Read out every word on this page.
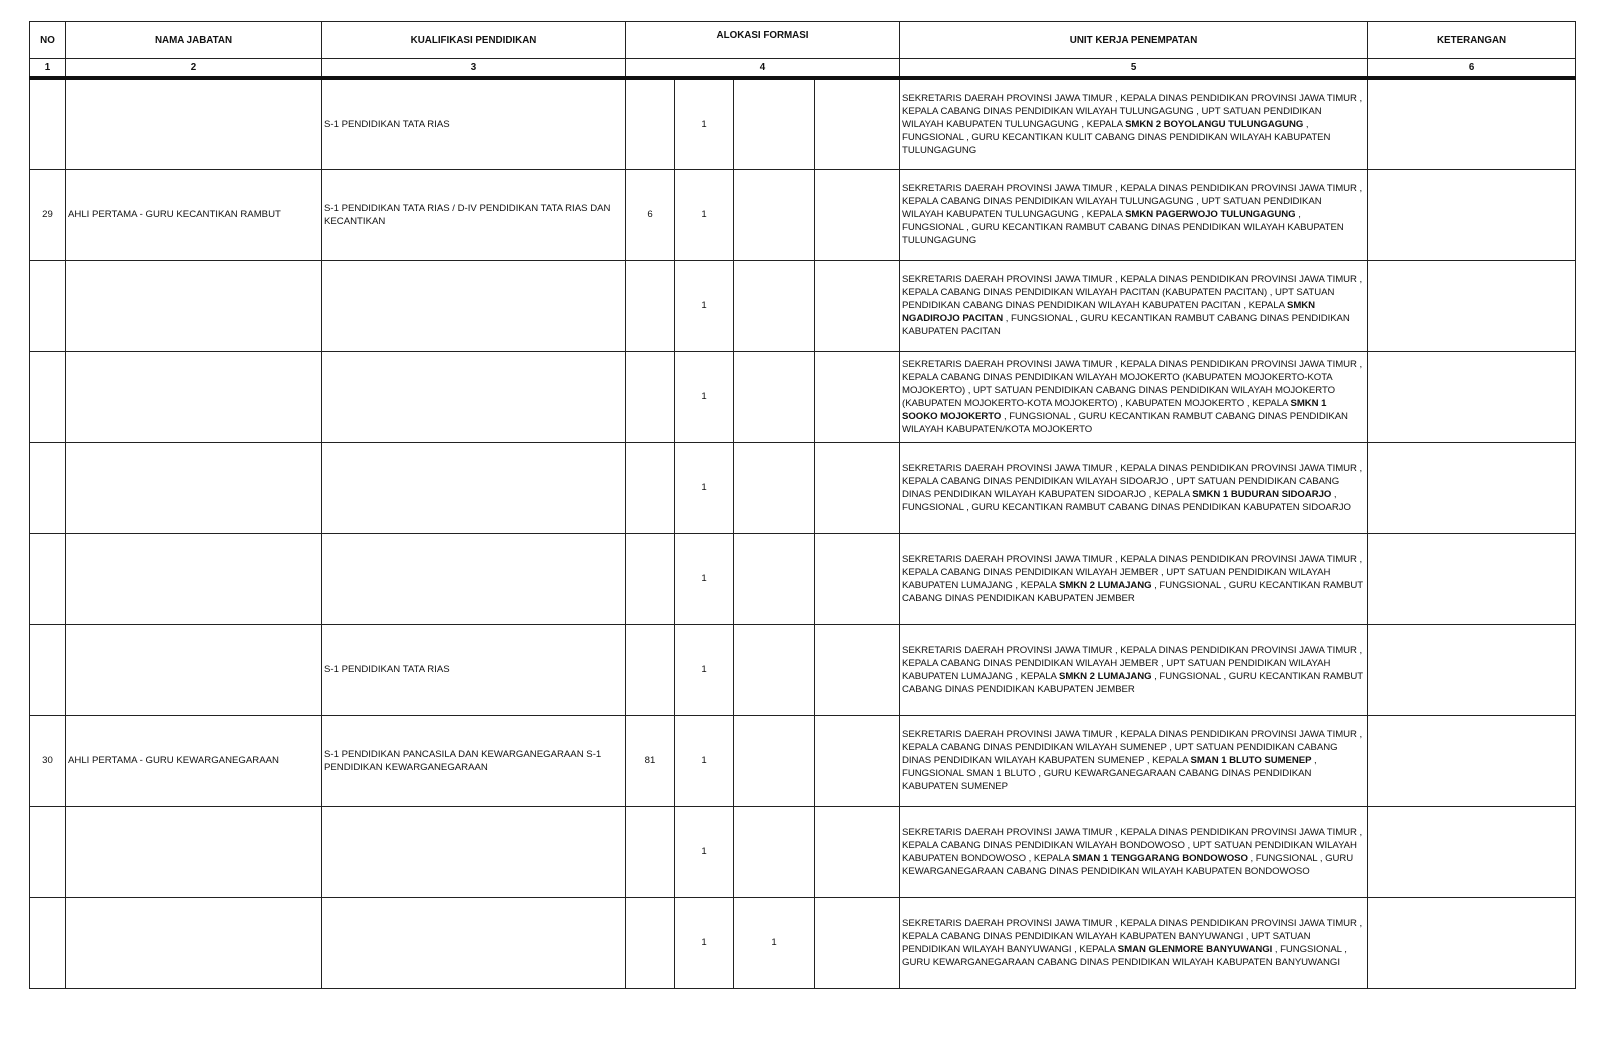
NO	NAMA JABATAN	KUALIFIKASI PENDIDIKAN	ALOKASI FORMASI				UNIT KERJA PENEMPATAN	KETERANGAN
1	2	3	4				5	6
		S-1 PENDIDIKAN TATA RIAS		1			SEKRETARIS DAERAH PROVINSI JAWA TIMUR , KEPALA DINAS PENDIDIKAN PROVINSI JAWA TIMUR , KEPALA CABANG DINAS PENDIDIKAN WILAYAH TULUNGAGUNG , UPT SATUAN PENDIDIKAN WILAYAH KABUPATEN TULUNGAGUNG , KEPALA SMKN 2 BOYOLANGU TULUNGAGUNG , FUNGSIONAL , GURU KECANTIKAN KULIT CABANG DINAS PENDIDIKAN WILAYAH KABUPATEN TULUNGAGUNG	
29	AHLI PERTAMA - GURU KECANTIKAN RAMBUT	S-1 PENDIDIKAN TATA RIAS / D-IV PENDIDIKAN TATA RIAS DAN KECANTIKAN	6	1			SEKRETARIS DAERAH PROVINSI JAWA TIMUR , KEPALA DINAS PENDIDIKAN PROVINSI JAWA TIMUR , KEPALA CABANG DINAS PENDIDIKAN WILAYAH TULUNGAGUNG , UPT SATUAN PENDIDIKAN WILAYAH KABUPATEN TULUNGAGUNG , KEPALA SMKN PAGERWOJO TULUNGAGUNG , FUNGSIONAL , GURU KECANTIKAN RAMBUT CABANG DINAS PENDIDIKAN WILAYAH KABUPATEN TULUNGAGUNG	
				1			SEKRETARIS DAERAH PROVINSI JAWA TIMUR , KEPALA DINAS PENDIDIKAN PROVINSI JAWA TIMUR , KEPALA CABANG DINAS PENDIDIKAN WILAYAH PACITAN (KABUPATEN PACITAN) , UPT SATUAN PENDIDIKAN CABANG DINAS PENDIDIKAN WILAYAH KABUPATEN PACITAN , KEPALA SMKN NGADIROJO PACITAN , FUNGSIONAL , GURU KECANTIKAN RAMBUT CABANG DINAS PENDIDIKAN KABUPATEN PACITAN	
				1			SEKRETARIS DAERAH PROVINSI JAWA TIMUR , KEPALA DINAS PENDIDIKAN PROVINSI JAWA TIMUR , KEPALA CABANG DINAS PENDIDIKAN WILAYAH MOJOKERTO (KABUPATEN MOJOKERTO-KOTA MOJOKERTO) , UPT SATUAN PENDIDIKAN CABANG DINAS PENDIDIKAN WILAYAH MOJOKERTO (KABUPATEN MOJOKERTO-KOTA MOJOKERTO) , KABUPATEN MOJOKERTO , KEPALA SMKN 1 SOOKO MOJOKERTO , FUNGSIONAL , GURU KECANTIKAN RAMBUT CABANG DINAS PENDIDIKAN WILAYAH KABUPATEN/KOTA MOJOKERTO	
				1			SEKRETARIS DAERAH PROVINSI JAWA TIMUR , KEPALA DINAS PENDIDIKAN PROVINSI JAWA TIMUR , KEPALA CABANG DINAS PENDIDIKAN WILAYAH SIDOARJO , UPT SATUAN PENDIDIKAN CABANG DINAS PENDIDIKAN WILAYAH KABUPATEN SIDOARJO , KEPALA SMKN 1 BUDURAN SIDOARJO , FUNGSIONAL , GURU KECANTIKAN RAMBUT CABANG DINAS PENDIDIKAN KABUPATEN SIDOARJO	
				1			SEKRETARIS DAERAH PROVINSI JAWA TIMUR , KEPALA DINAS PENDIDIKAN PROVINSI JAWA TIMUR , KEPALA CABANG DINAS PENDIDIKAN WILAYAH JEMBER , UPT SATUAN PENDIDIKAN WILAYAH KABUPATEN LUMAJANG , KEPALA SMKN 2 LUMAJANG , FUNGSIONAL , GURU KECANTIKAN RAMBUT CABANG DINAS PENDIDIKAN KABUPATEN JEMBER	
		S-1 PENDIDIKAN TATA RIAS		1			SEKRETARIS DAERAH PROVINSI JAWA TIMUR , KEPALA DINAS PENDIDIKAN PROVINSI JAWA TIMUR , KEPALA CABANG DINAS PENDIDIKAN WILAYAH JEMBER , UPT SATUAN PENDIDIKAN WILAYAH KABUPATEN LUMAJANG , KEPALA SMKN 2 LUMAJANG , FUNGSIONAL , GURU KECANTIKAN RAMBUT CABANG DINAS PENDIDIKAN KABUPATEN JEMBER	
30	AHLI PERTAMA - GURU KEWARGANEGARAAN	S-1 PENDIDIKAN PANCASILA DAN KEWARGANEGARAAN S-1 PENDIDIKAN KEWARGANEGARAAN	81	1			SEKRETARIS DAERAH PROVINSI JAWA TIMUR , KEPALA DINAS PENDIDIKAN PROVINSI JAWA TIMUR , KEPALA CABANG DINAS PENDIDIKAN WILAYAH SUMENEP , UPT SATUAN PENDIDIKAN CABANG DINAS PENDIDIKAN WILAYAH KABUPATEN SUMENEP , KEPALA SMAN 1 BLUTO SUMENEP , FUNGSIONAL SMAN 1 BLUTO , GURU KEWARGANEGARAAN CABANG DINAS PENDIDIKAN KABUPATEN SUMENEP	
				1			SEKRETARIS DAERAH PROVINSI JAWA TIMUR , KEPALA DINAS PENDIDIKAN PROVINSI JAWA TIMUR , KEPALA CABANG DINAS PENDIDIKAN WILAYAH BONDOWOSO , UPT SATUAN PENDIDIKAN WILAYAH KABUPATEN BONDOWOSO , KEPALA SMAN 1 TENGGARANG BONDOWOSO , FUNGSIONAL , GURU KEWARGANEGARAAN CABANG DINAS PENDIDIKAN WILAYAH KABUPATEN BONDOWOSO	
				1	1		SEKRETARIS DAERAH PROVINSI JAWA TIMUR , KEPALA DINAS PENDIDIKAN PROVINSI JAWA TIMUR , KEPALA CABANG DINAS PENDIDIKAN WILAYAH KABUPATEN BANYUWANGI , UPT SATUAN PENDIDIKAN WILAYAH BANYUWANGI , KEPALA SMAN GLENMORE BANYUWANGI , FUNGSIONAL , GURU KEWARGANEGARAAN CABANG DINAS PENDIDIKAN WILAYAH KABUPATEN BANYUWANGI	
